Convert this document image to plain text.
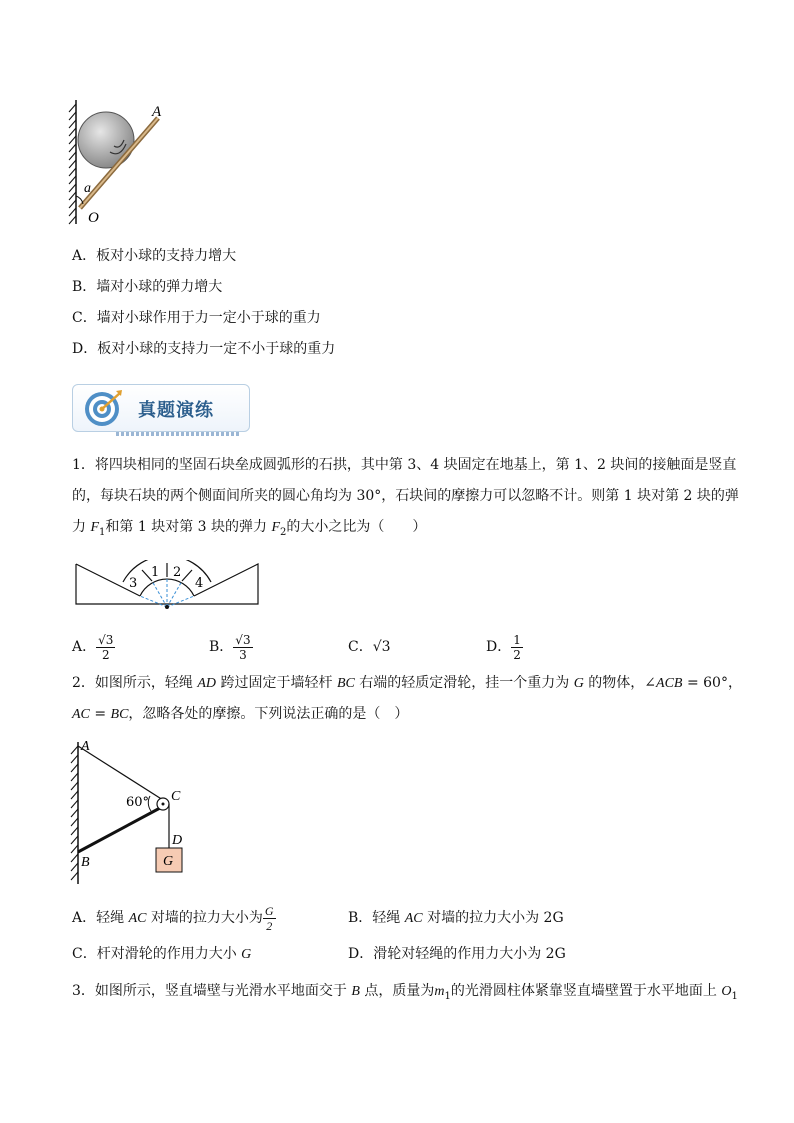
A
a
O
A．板对小球的支持力增大
B．墙对小球的弹力增大
C．墙对小球作用于力一定小于球的重力
D．板对小球的支持力一定不小于球的重力
真题演练
1．将四块相同的坚固石块垒成圆弧形的石拱，其中第 3、4 块固定在地基上，第 1、2 块间的接触面是竖直
的，每块石块的两个侧面间所夹的圆心角均为 30°，石块间的摩擦力可以忽略不计。则第 1 块对第 2 块的弹
力 $F_1$和第 1 块对第 3 块的弹力 $F_2$的大小之比为（　　）
3
1 2
4
A． $\frac{√3}{2}$	B． $\frac{√3}{3}$	C．√3	D． $\frac{1}{2}$
2．如图所示，轻绳 AD 跨过固定于墙轻杆 BC 右端的轻质定滑轮，挂一个重力为 G 的物体，∠ACB = 60°，
AC = BC，忽略各处的摩擦。下列说法正确的是（　）
A
B
C
D
60°
G
A．轻绳 AC 对墙的拉力大小为 $\frac{G}{2}$	B．轻绳 AC 对墙的拉力大小为 2G
C．杆对滑轮的作用力大小 G	D．滑轮对轻绳的作用力大小为 2G
3．如图所示，竖直墙壁与光滑水平地面交于 B 点，质量为$m_1$的光滑圆柱体紧靠竖直墙壁置于水平地面上 $O_1$
